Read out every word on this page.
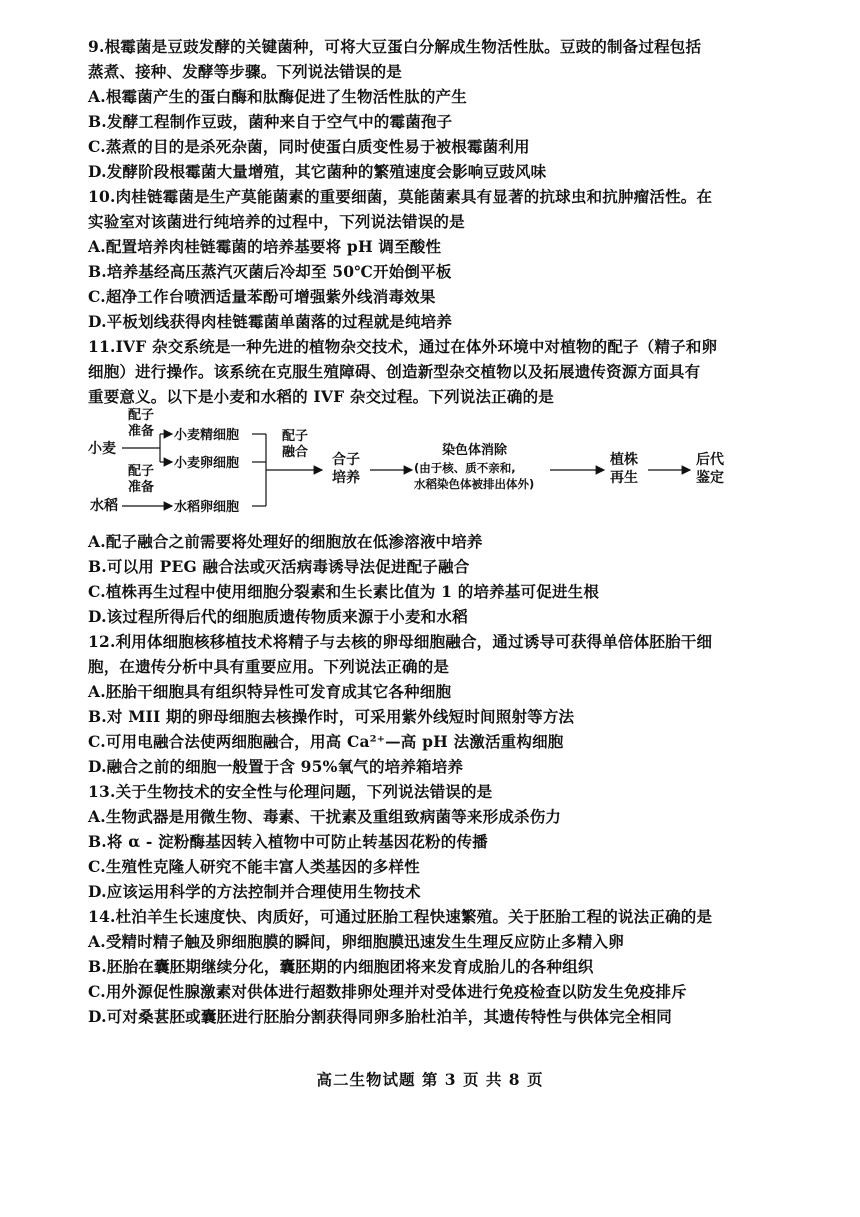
9.根霉菌是豆豉发酵的关键菌种，可将大豆蛋白分解成生物活性肽。豆豉的制备过程包括
蒸煮、接种、发酵等步骤。下列说法错误的是
A.根霉菌产生的蛋白酶和肽酶促进了生物活性肽的产生
B.发酵工程制作豆豉，菌种来自于空气中的霉菌孢子
C.蒸煮的目的是杀死杂菌，同时使蛋白质变性易于被根霉菌利用
D.发酵阶段根霉菌大量增殖，其它菌种的繁殖速度会影响豆豉风味
10.肉桂链霉菌是生产莫能菌素的重要细菌，莫能菌素具有显著的抗球虫和抗肿瘤活性。在
实验室对该菌进行纯培养的过程中，下列说法错误的是
A.配置培养肉桂链霉菌的培养基要将 pH 调至酸性
B.培养基经高压蒸汽灭菌后冷却至 50℃开始倒平板
C.超净工作台喷洒适量苯酚可增强紫外线消毒效果
D.平板划线获得肉桂链霉菌单菌落的过程就是纯培养
11.IVF 杂交系统是一种先进的植物杂交技术，通过在体外环境中对植物的配子（精子和卵
细胞）进行操作。该系统在克服生殖障碍、创造新型杂交植物以及拓展遗传资源方面具有
重要意义。以下是小麦和水稻的 IVF 杂交过程。下列说法正确的是
小麦
水稻
配子
准备
配子
准备
小麦精细胞
小麦卵细胞
水稻卵细胞
配子
融合 合子
培养
染色体消除
(由于核、质不亲和,
水稻染色体被排出体外)
植株
再生
后代
鉴定
A.配子融合之前需要将处理好的细胞放在低渗溶液中培养
B.可以用 PEG 融合法或灭活病毒诱导法促进配子融合
C.植株再生过程中使用细胞分裂素和生长素比值为 1 的培养基可促进生根
D.该过程所得后代的细胞质遗传物质来源于小麦和水稻
12.利用体细胞核移植技术将精子与去核的卵母细胞融合，通过诱导可获得单倍体胚胎干细
胞，在遗传分析中具有重要应用。下列说法正确的是
A.胚胎干细胞具有组织特异性可发育成其它各种细胞
B.对 MII 期的卵母细胞去核操作时，可采用紫外线短时间照射等方法
C.可用电融合法使两细胞融合，用高 Ca²⁺—高 pH 法激活重构细胞
D.融合之前的细胞一般置于含 95%氧气的培养箱培养
13.关于生物技术的安全性与伦理问题，下列说法错误的是
A.生物武器是用微生物、毒素、干扰素及重组致病菌等来形成杀伤力
B.将 α - 淀粉酶基因转入植物中可防止转基因花粉的传播
C.生殖性克隆人研究不能丰富人类基因的多样性
D.应该运用科学的方法控制并合理使用生物技术
14.杜泊羊生长速度快、肉质好，可通过胚胎工程快速繁殖。关于胚胎工程的说法正确的是
A.受精时精子触及卵细胞膜的瞬间，卵细胞膜迅速发生生理反应防止多精入卵
B.胚胎在囊胚期继续分化，囊胚期的内细胞团将来发育成胎儿的各种组织
C.用外源促性腺激素对供体进行超数排卵处理并对受体进行免疫检查以防发生免疫排斥
D.可对桑葚胚或囊胚进行胚胎分割获得同卵多胎杜泊羊，其遗传特性与供体完全相同
高二生物试题 第 3 页 共 8 页
